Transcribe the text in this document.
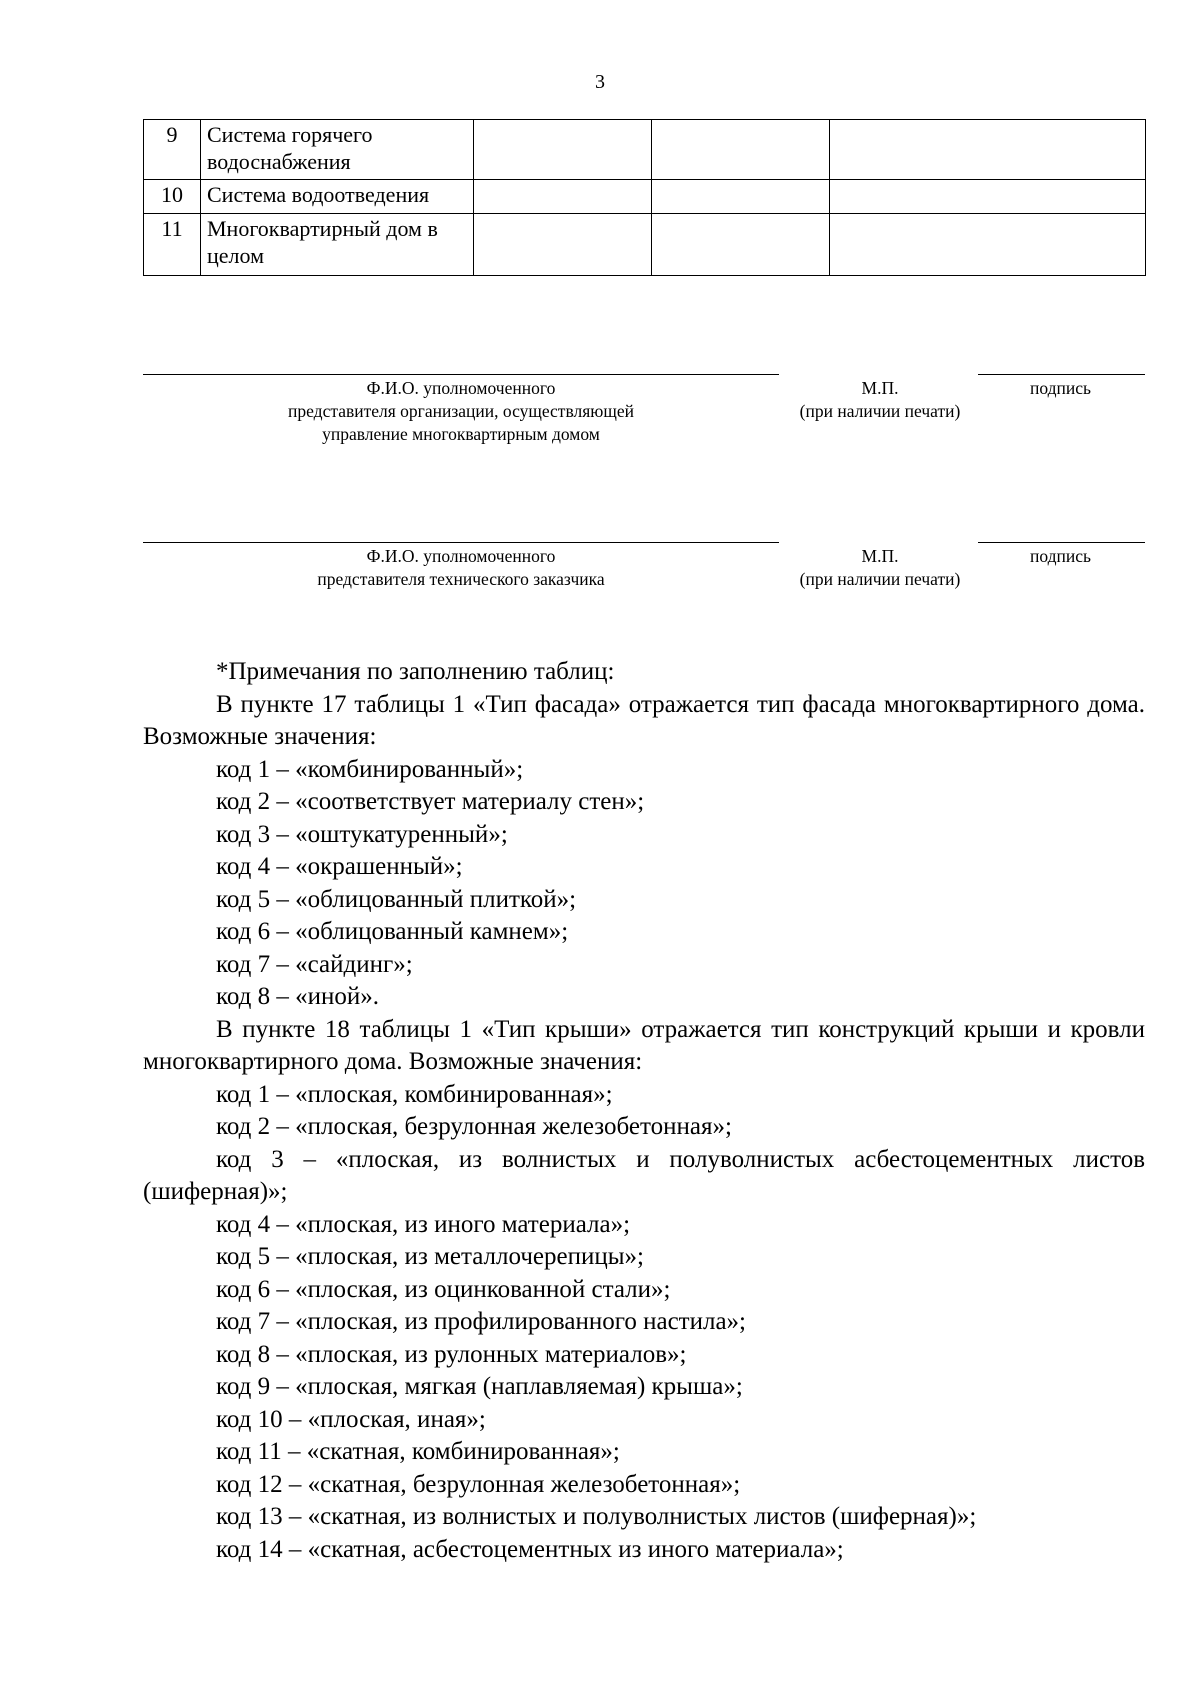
3
9	Система горячего водоснабжения			
10	Система водоотведения			
11	Многоквартирный дом в целом			
Ф.И.О. уполномоченного
представителя организации, осуществляющей
управление многоквартирным домом
М.П.
(при наличии печати)
подпись
Ф.И.О. уполномоченного
представителя технического заказчика
М.П.
(при наличии печати)
подпись

*Примечания по заполнению таблиц:

В пункте 17 таблицы 1 «Тип фасада» отражается тип фасада многоквартирного дома. Возможные значения:

код 1 – «комбинированный»;

код 2 – «соответствует материалу стен»;

код 3 – «оштукатуренный»;

код 4 – «окрашенный»;

код 5 – «облицованный плиткой»;

код 6 – «облицованный камнем»;

код 7 – «сайдинг»;

код 8 – «иной».

В пункте 18 таблицы 1 «Тип крыши» отражается тип конструкций крыши и кровли многоквартирного дома. Возможные значения:

код 1 – «плоская, комбинированная»;

код 2 – «плоская, безрулонная железобетонная»;

код 3 – «плоская, из волнистых и полуволнистых асбестоцементных листов (шиферная)»;

код 4 – «плоская, из иного материала»;

код 5 – «плоская, из металлочерепицы»;

код 6 – «плоская, из оцинкованной стали»;

код 7 – «плоская, из профилированного настила»;

код 8 – «плоская, из рулонных материалов»;

код 9 – «плоская, мягкая (наплавляемая) крыша»;

код 10 – «плоская, иная»;

код 11 – «скатная, комбинированная»;

код 12 – «скатная, безрулонная железобетонная»;

код 13 – «скатная, из волнистых и полуволнистых листов (шиферная)»;

код 14 – «скатная, асбестоцементных из иного материала»;
